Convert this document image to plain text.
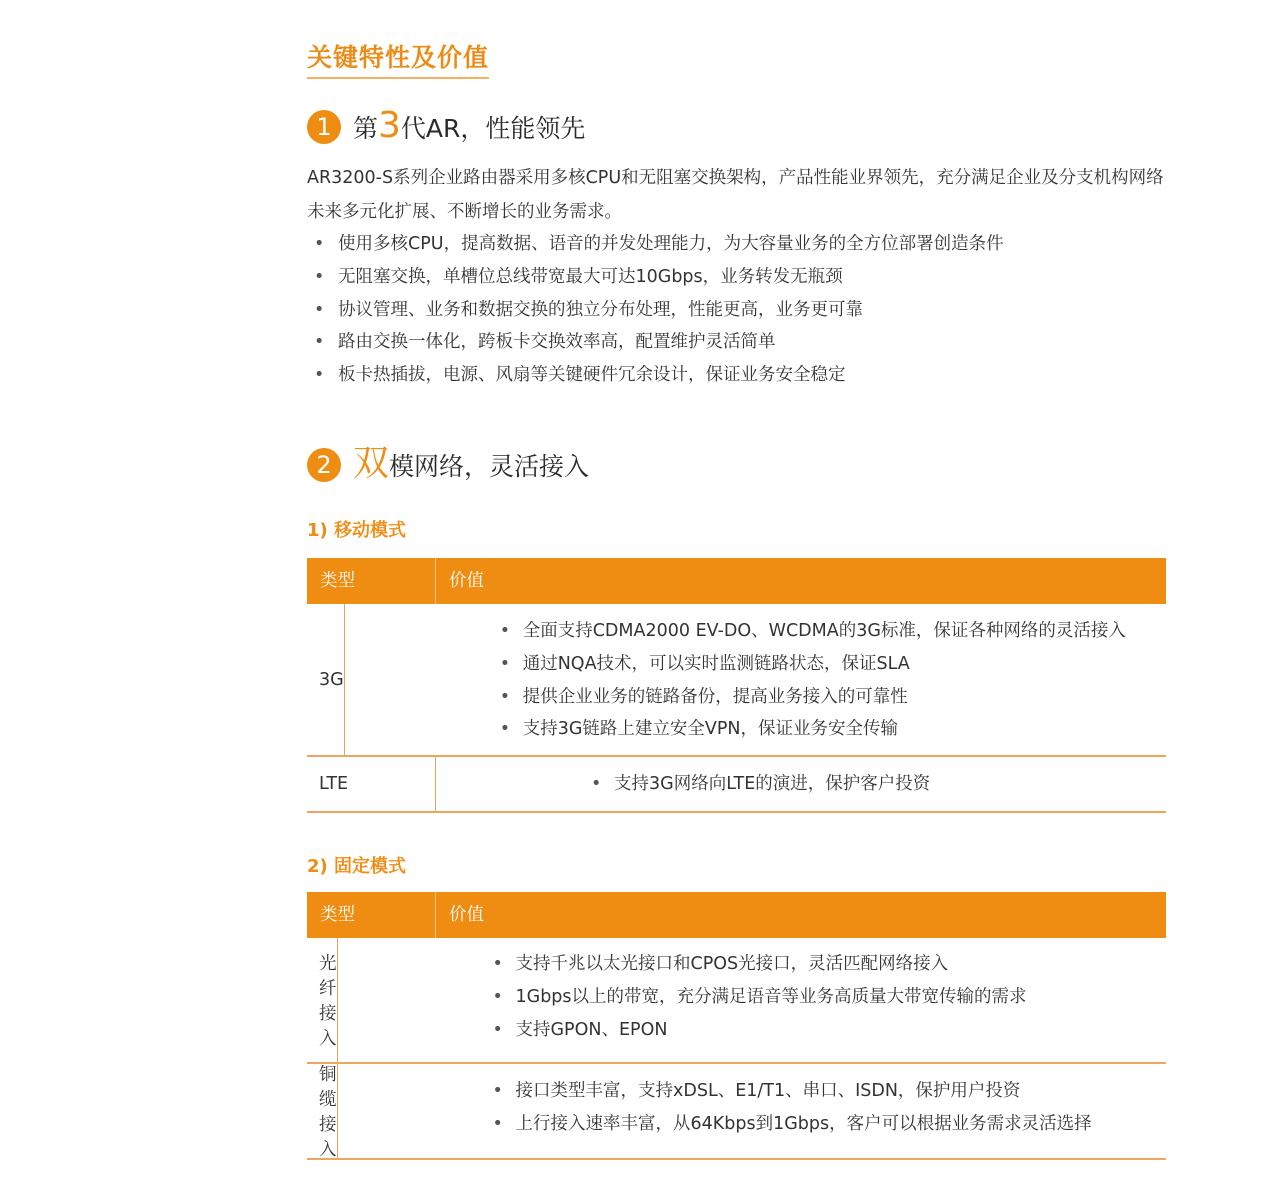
关键特性及价值
1 第 3 代AR，性能领先

AR3200-S系列企业路由器采用多核CPU和无阻塞交换架构，产品性能业界领先，充分满足企业及分支机构网络未来多元化扩展、不断增长的业务需求。

• 使用多核CPU，提高数据、语音的并发处理能力，为大容量业务的全方位部署创造条件
• 无阻塞交换，单槽位总线带宽最大可达10Gbps，业务转发无瓶颈
• 协议管理、业务和数据交换的独立分布处理，性能更高，业务更可靠
• 路由交换一体化，跨板卡交换效率高，配置维护灵活简单
• 板卡热插拔，电源、风扇等关键硬件冗余设计，保证业务安全稳定
2 双 模网络，灵活接入
1) 移动模式
类型	价值
3G
• 全面支持CDMA2000 EV-DO、WCDMA的3G标准，保证各种网络的灵活接入
• 通过NQA技术，可以实时监测链路状态，保证SLA
• 提供企业业务的链路备份，提高业务接入的可靠性
• 支持3G链路上建立安全VPN，保证业务安全传输
LTE
•	支持3G网络向LTE的演进，保护客户投资
2) 固定模式
类型	价值
光纤接入
• 支持千兆以太光接口和CPOS光接口，灵活匹配网络接入
• 1Gbps以上的带宽，充分满足语音等业务高质量大带宽传输的需求
• 支持GPON、EPON
铜缆接入
• 接口类型丰富，支持xDSL、E1/T1、串口、ISDN，保护用户投资
• 上行接入速率丰富，从64Kbps到1Gbps，客户可以根据业务需求灵活选择
